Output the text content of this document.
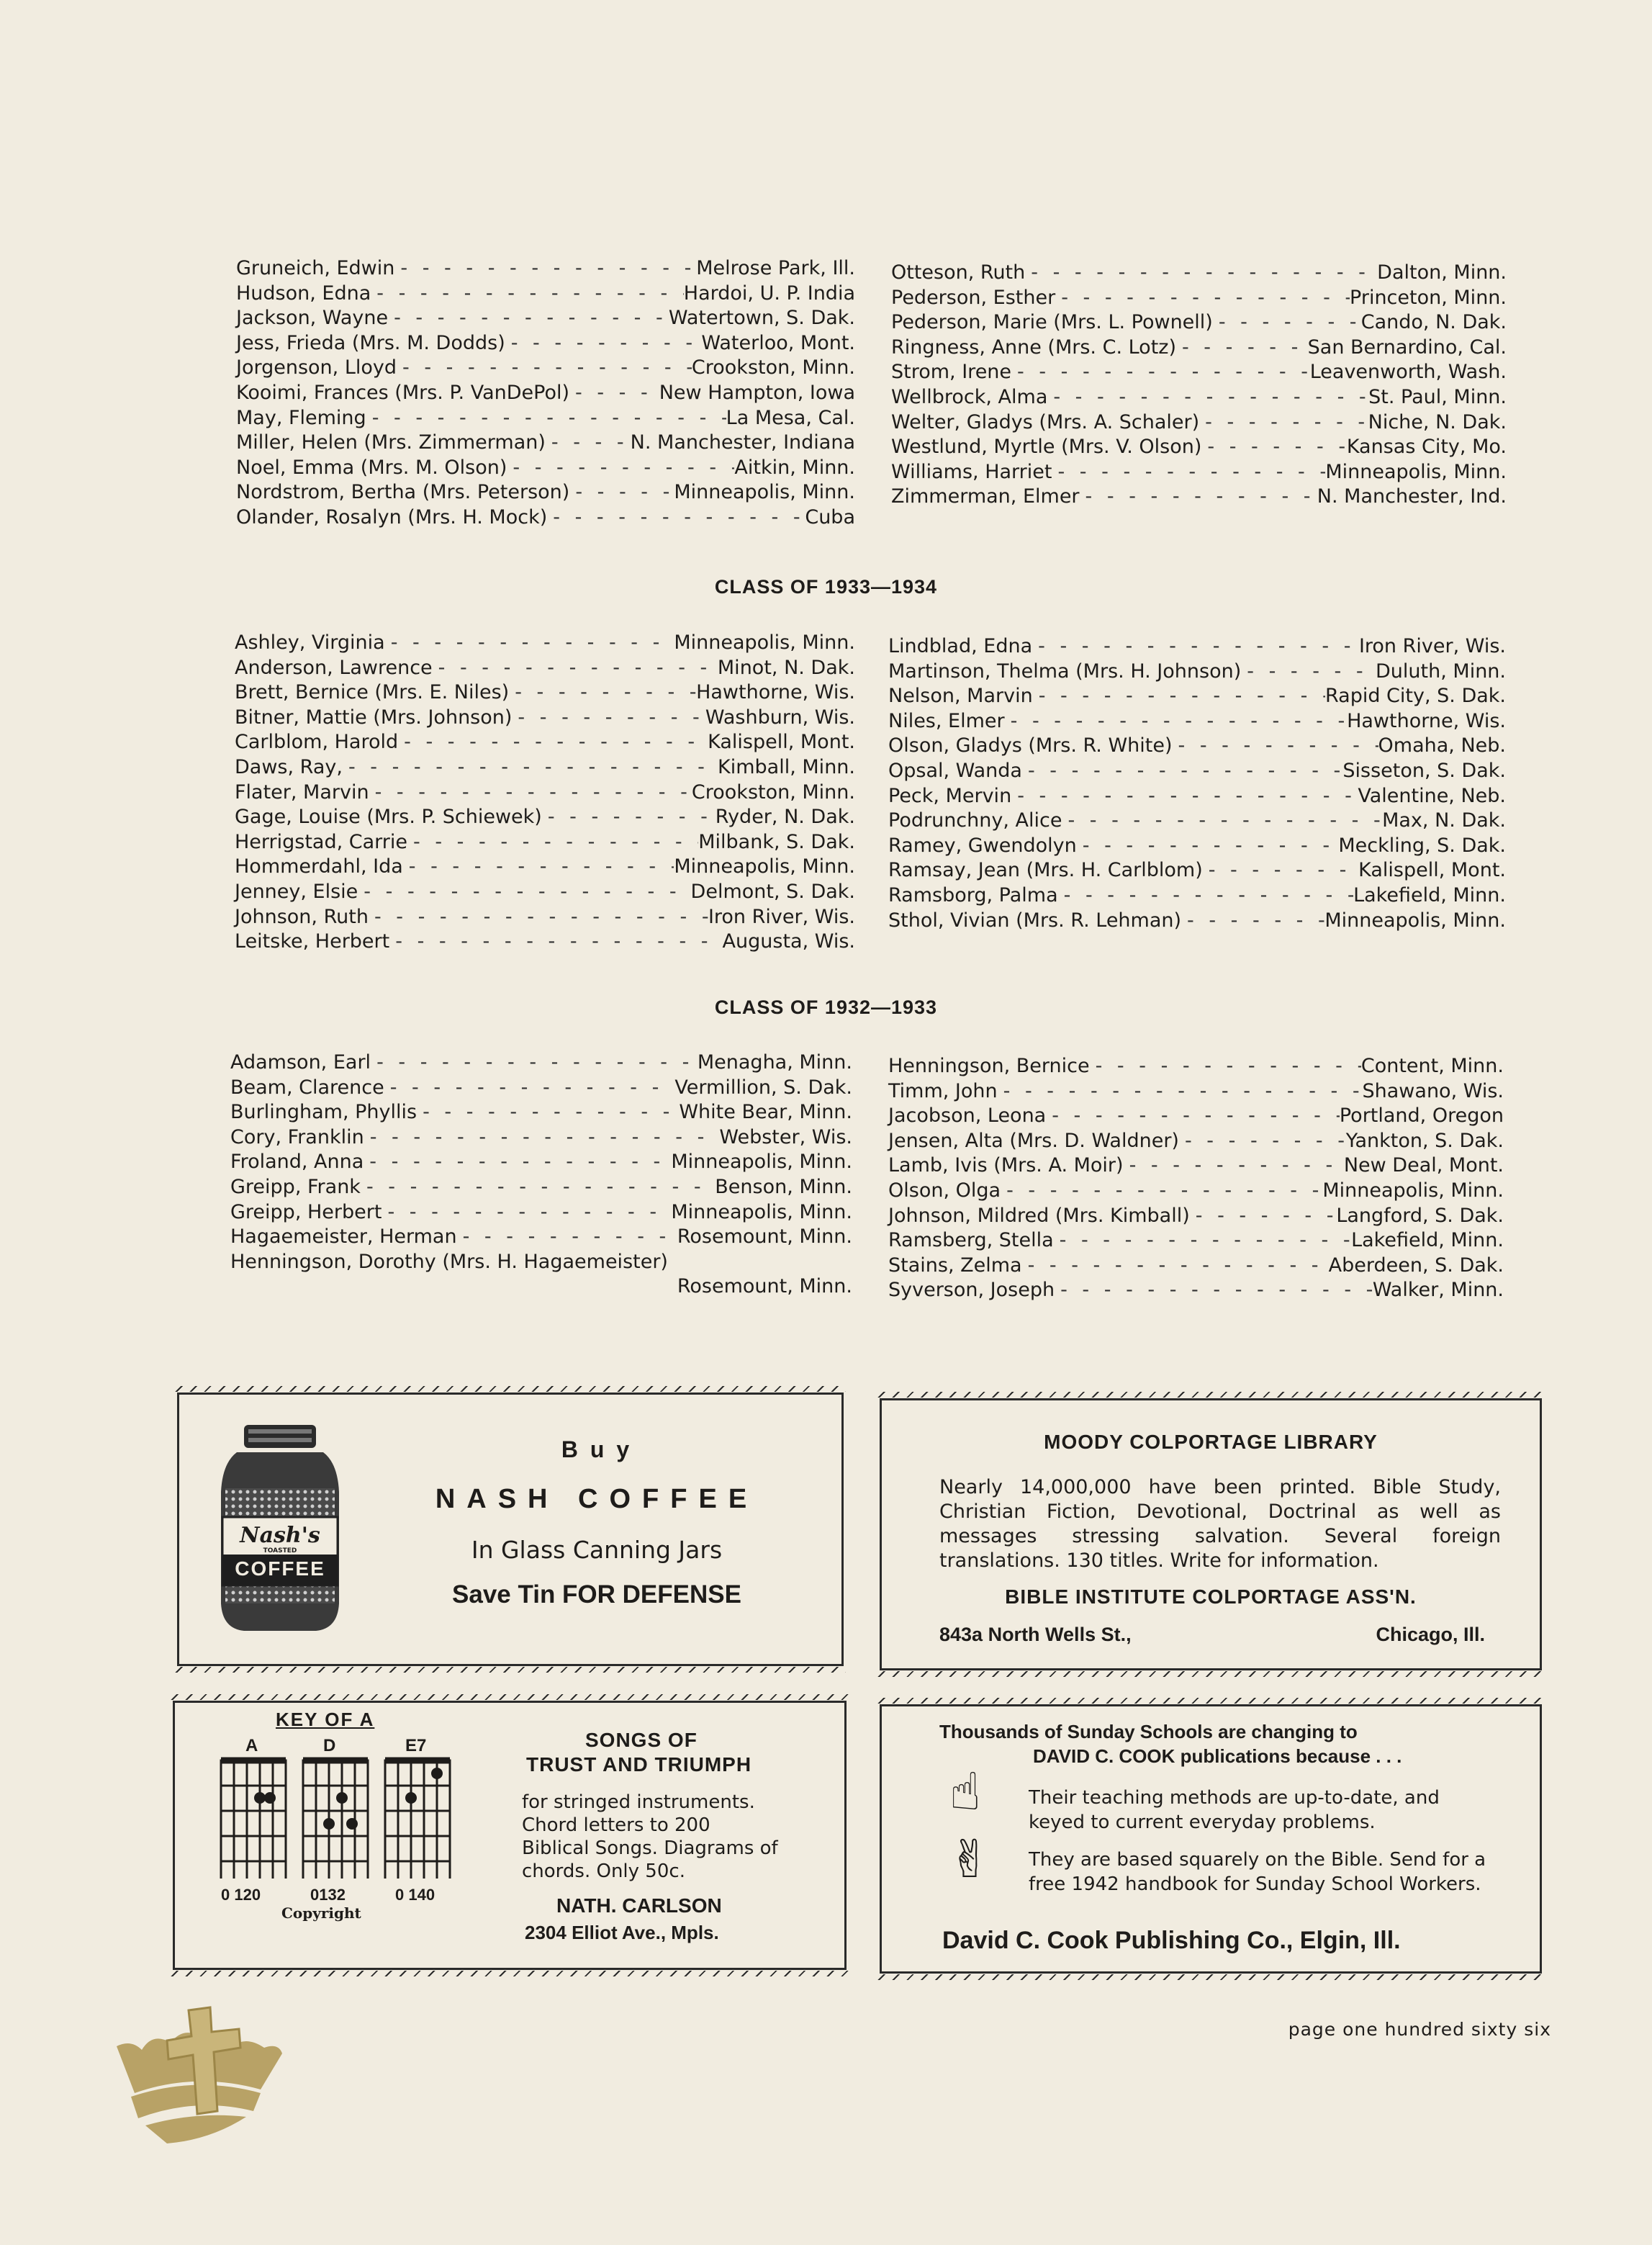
Gruneich, Edwin - - -	Melrose Park, Ill.
Hudson, Edna - - -	Hardoi, U. P. India
Jackson, Wayne - - -	Watertown, S. Dak.
Jess, Frieda (Mrs. M. Dodds) - - -	Waterloo, Mont.
Jorgenson, Lloyd - - -	Crookston, Minn.
Kooimi, Frances (Mrs. P. VanDePol) - - -	New Hampton, Iowa
May, Fleming - - -	La Mesa, Cal.
Miller, Helen (Mrs. Zimmerman) - - -	N. Manchester, Indiana
Noel, Emma (Mrs. M. Olson) - - -	Aitkin, Minn.
Nordstrom, Bertha (Mrs. Peterson) - - -	Minneapolis, Minn.
Olander, Rosalyn (Mrs. H. Mock) - - -	Cuba
Otteson, Ruth - - -	Dalton, Minn.
Pederson, Esther - - -	Princeton, Minn.
Pederson, Marie (Mrs. L. Pownell) - - -	Cando, N. Dak.
Ringness, Anne (Mrs. C. Lotz) - - -	San Bernardino, Cal.
Strom, Irene - - -	Leavenworth, Wash.
Wellbrock, Alma - - -	St. Paul, Minn.
Welter, Gladys (Mrs. A. Schaler) - - -	Niche, N. Dak.
Westlund, Myrtle (Mrs. V. Olson) - - -	Kansas City, Mo.
Williams, Harriet - - -	Minneapolis, Minn.
Zimmerman, Elmer - - -	N. Manchester, Ind.
CLASS OF 1933—1934
Ashley, Virginia - - -	Minneapolis, Minn.
Anderson, Lawrence - - -	Minot, N. Dak.
Brett, Bernice (Mrs. E. Niles) - - -	Hawthorne, Wis.
Bitner, Mattie (Mrs. Johnson) - - -	Washburn, Wis.
Carlblom, Harold - - -	Kalispell, Mont.
Daws, Ray, - - -	Kimball, Minn.
Flater, Marvin - - -	Crookston, Minn.
Gage, Louise (Mrs. P. Schiewek) - - -	Ryder, N. Dak.
Herrigstad, Carrie - - -	Milbank, S. Dak.
Hommerdahl, Ida - - -	Minneapolis, Minn.
Jenney, Elsie - - -	Delmont, S. Dak.
Johnson, Ruth - - -	Iron River, Wis.
Leitske, Herbert - - -	Augusta, Wis.
Lindblad, Edna - - -	Iron River, Wis.
Martinson, Thelma (Mrs. H. Johnson) - - -	Duluth, Minn.
Nelson, Marvin - - -	Rapid City, S. Dak.
Niles, Elmer - - -	Hawthorne, Wis.
Olson, Gladys (Mrs. R. White) - - -	Omaha, Neb.
Opsal, Wanda - - -	Sisseton, S. Dak.
Peck, Mervin - - -	Valentine, Neb.
Podrunchny, Alice - - -	Max, N. Dak.
Ramey, Gwendolyn - - -	Meckling, S. Dak.
Ramsay, Jean (Mrs. H. Carlblom) - - -	Kalispell, Mont.
Ramsborg, Palma - - -	Lakefield, Minn.
Sthol, Vivian (Mrs. R. Lehman) - - -	Minneapolis, Minn.
CLASS OF 1932—1933
Adamson, Earl - - -	Menagha, Minn.
Beam, Clarence - - -	Vermillion, S. Dak.
Burlingham, Phyllis - - -	White Bear, Minn.
Cory, Franklin - - -	Webster, Wis.
Froland, Anna - - -	Minneapolis, Minn.
Greipp, Frank - - -	Benson, Minn.
Greipp, Herbert - - -	Minneapolis, Minn.
Hagaemeister, Herman - - -	Rosemount, Minn.
Henningson, Dorothy (Mrs. H. Hagaemeister)
Rosemount, Minn.
Henningson, Bernice - - -	Content, Minn.
Timm, John - - -	Shawano, Wis.
Jacobson, Leona - - -	Portland, Oregon
Jensen, Alta (Mrs. D. Waldner) - - -	Yankton, S. Dak.
Lamb, Ivis (Mrs. A. Moir) - - -	New Deal, Mont.
Olson, Olga - - -	Minneapolis, Minn.
Johnson, Mildred (Mrs. Kimball) - - -	Langford, S. Dak.
Ramsberg, Stella - - -	Lakefield, Minn.
Stains, Zelma - - -	Aberdeen, S. Dak.
Syverson, Joseph - - -	Walker, Minn.
Nash's
TOASTED
COFFEE
B u y
NASH COFFEE
In Glass Canning Jars
Save Tin FOR DEFENSE
MOODY COLPORTAGE LIBRARY
Nearly 14,000,000 have been printed. Bible Study, Christian Fiction, Devotional, Doctrinal as well as messages stressing salvation. Several foreign translations. 130 titles. Write for information.
BIBLE INSTITUTE COLPORTAGE ASS'N.
843a North Wells St.,	Chicago, Ill.
KEY OF A
A	D	E7
0 120	0132	0 140
Copyright
SONGS OF
TRUST AND TRIUMPH
for stringed instruments. Chord letters to 200 Biblical Songs. Diagrams of chords. Only 50c.
NATH. CARLSON
2304 Elliot Ave., Mpls.
Thousands of Sunday Schools are changing to
DAVID C. COOK publications because . . .
☝
✌
Their teaching methods are up-to-date, and keyed to current everyday problems.
They are based squarely on the Bible. Send for a free 1942 handbook for Sunday School Workers.
David C. Cook Publishing Co., Elgin, Ill.
page one hundred sixty six
